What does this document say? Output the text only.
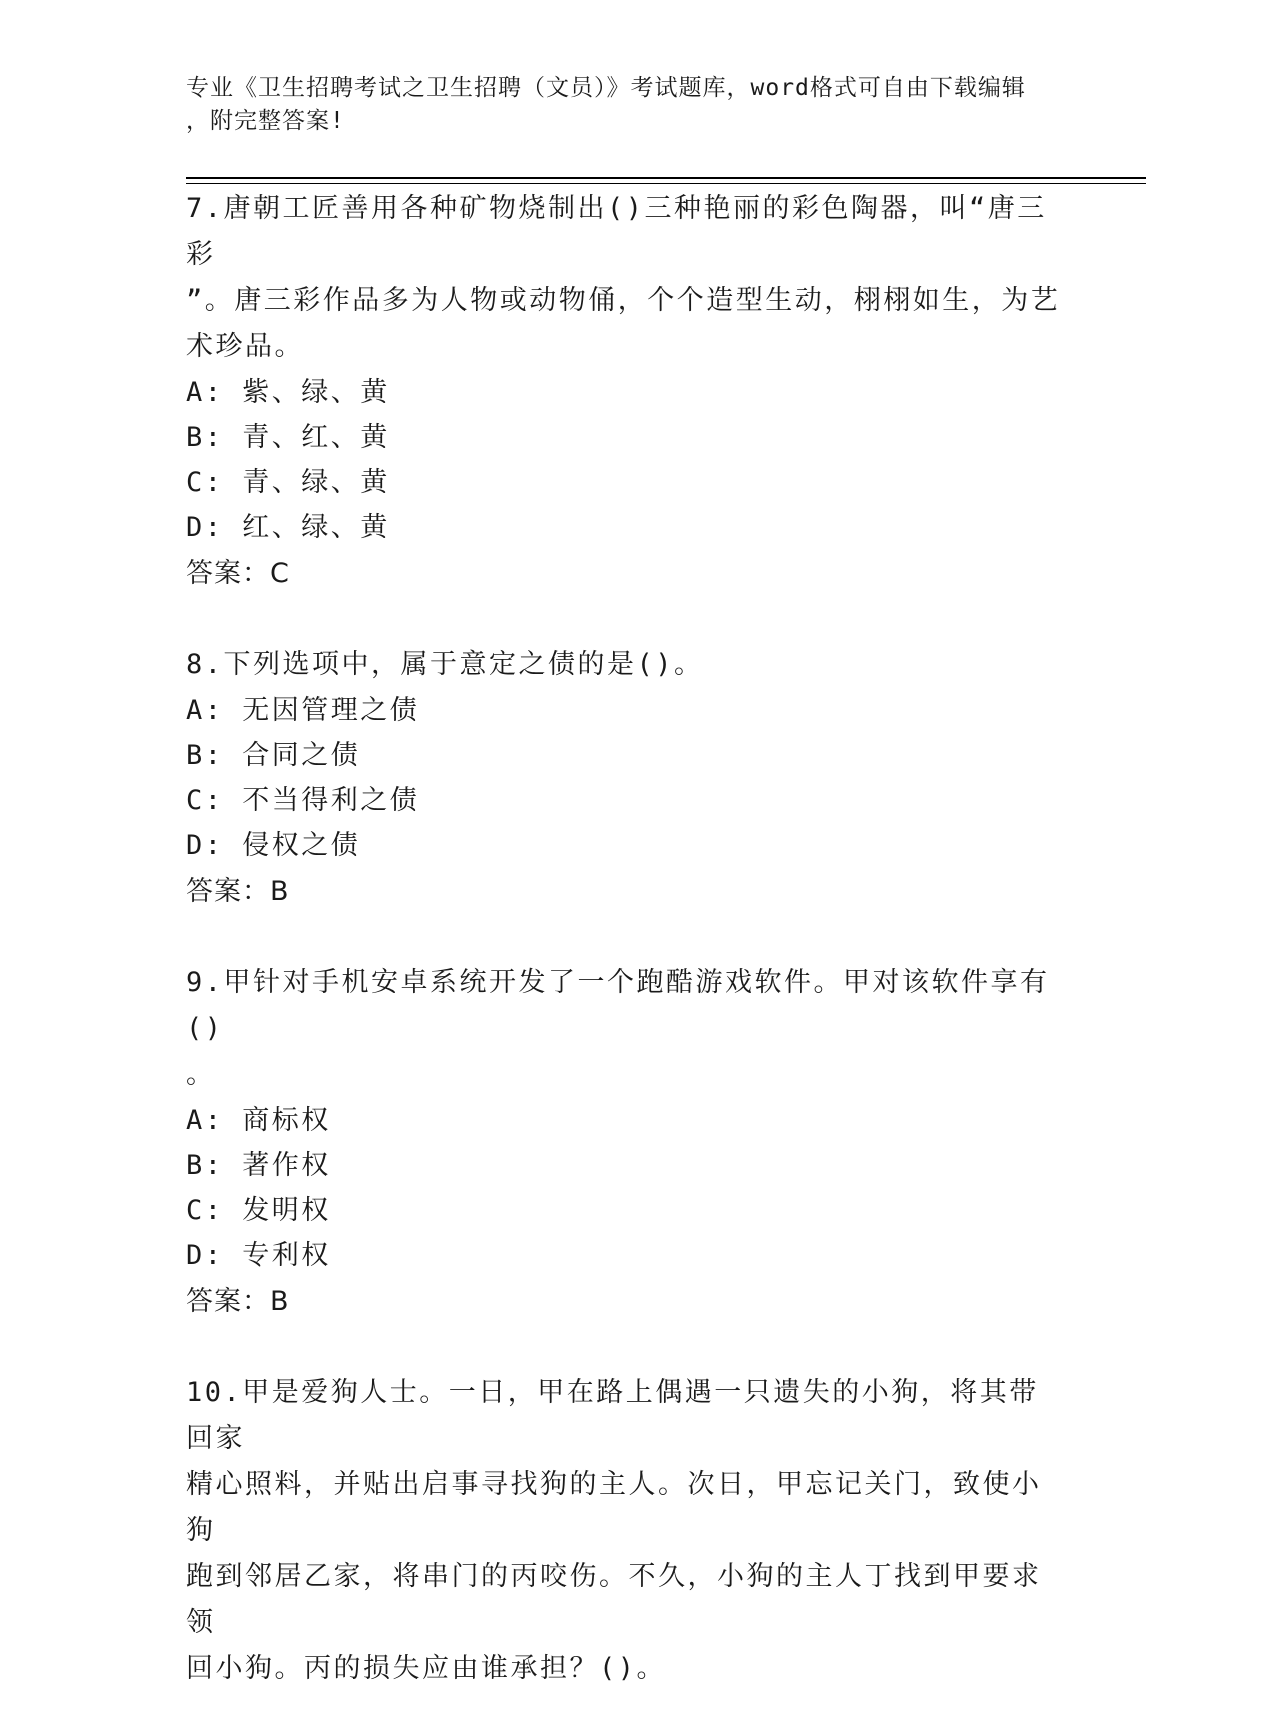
专业《卫生招聘考试之卫生招聘（文员）》考试题库，word格式可自由下载编辑
，附完整答案!
7.唐朝工匠善用各种矿物烧制出()三种艳丽的彩色陶器，叫“唐三彩
”。唐三彩作品多为人物或动物俑，个个造型生动，栩栩如生，为艺
术珍品。
A: 紫、绿、黄
B: 青、红、黄
C: 青、绿、黄
D: 红、绿、黄
答案：C
8.下列选项中，属于意定之债的是()。
A: 无因管理之债
B: 合同之债
C: 不当得利之债
D: 侵权之债
答案：B
9.甲针对手机安卓系统开发了一个跑酷游戏软件。甲对该软件享有()
。
A: 商标权
B: 著作权
C: 发明权
D: 专利权
答案：B
10.甲是爱狗人士。一日，甲在路上偶遇一只遗失的小狗，将其带回家
精心照料，并贴出启事寻找狗的主人。次日，甲忘记关门，致使小狗
跑到邻居乙家，将串门的丙咬伤。不久，小狗的主人丁找到甲要求领
回小狗。丙的损失应由谁承担？()。
